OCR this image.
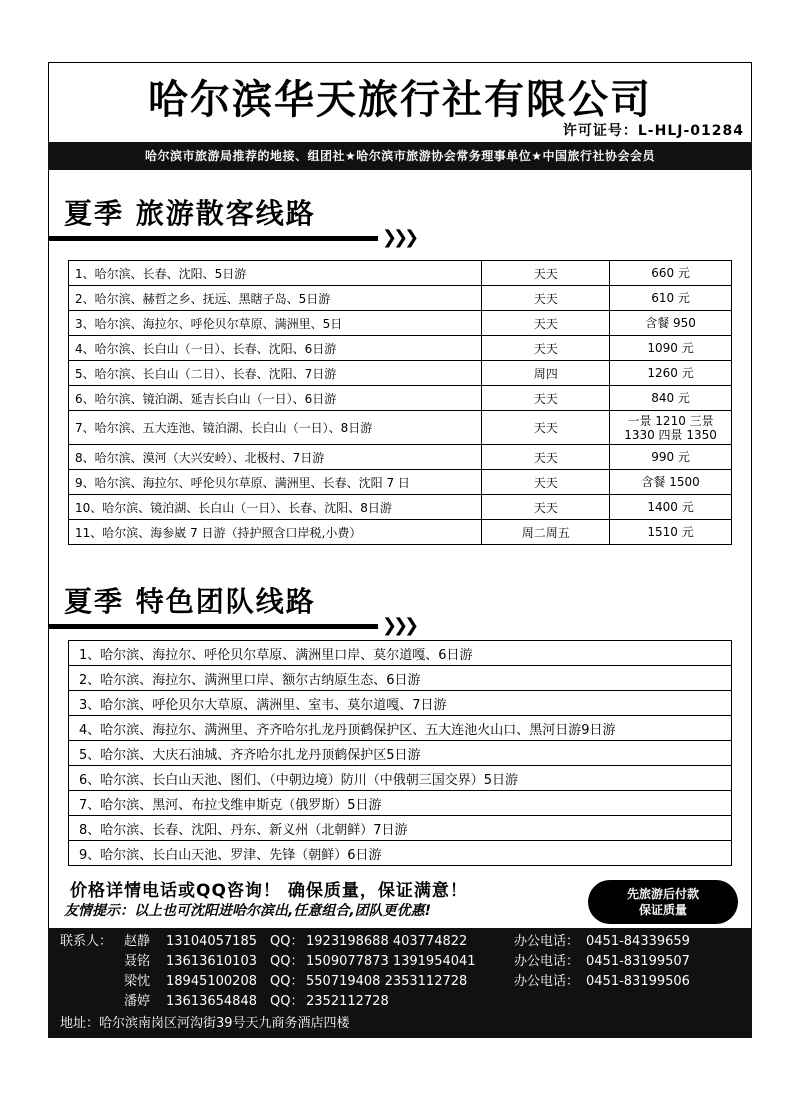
哈尔滨华天旅行社有限公司
许可证号：L-HLJ-01284
哈尔滨市旅游局推荐的地接、组团社★哈尔滨市旅游协会常务理事单位★中国旅行社协会会员
夏季 旅游散客线路
❯❯❯
1、哈尔滨、长春、沈阳、5日游	天天	660 元
2、哈尔滨、赫哲之乡、抚远、黑瞎子岛、5日游	天天	610 元
3、哈尔滨、海拉尔、呼伦贝尔草原、满洲里、5日	天天	含餐 950
4、哈尔滨、长白山（一日）、长春、沈阳、6日游	天天	1090 元
5、哈尔滨、长白山（二日）、长春、沈阳、7日游	周四	1260 元
6、哈尔滨、镜泊湖、延吉长白山（一日）、6日游	天天	840 元
7、哈尔滨、五大连池、镜泊湖、长白山（一日）、8日游	天天	一景 1210 三景 1330 四景 1350
8、哈尔滨、漠河（大兴安岭）、北极村、7日游	天天	990 元
9、哈尔滨、海拉尔、呼伦贝尔草原、满洲里、长春、沈阳 7 日	天天	含餐 1500
10、哈尔滨、镜泊湖、长白山（一日）、长春、沈阳、8日游	天天	1400 元
11、哈尔滨、海参崴 7 日游（持护照含口岸税,小费）	周二周五	1510 元
夏季 特色团队线路
❯❯❯
1、哈尔滨、海拉尔、呼伦贝尔草原、满洲里口岸、莫尔道嘎、6日游
2、哈尔滨、海拉尔、满洲里口岸、额尔古纳原生态、6日游
3、哈尔滨、呼伦贝尔大草原、满洲里、室韦、莫尔道嘎、7日游
4、哈尔滨、海拉尔、满洲里、齐齐哈尔扎龙丹顶鹤保护区、五大连池火山口、黑河日游9日游
5、哈尔滨、大庆石油城、齐齐哈尔扎龙丹顶鹤保护区5日游
6、哈尔滨、长白山天池、图们、（中朝边境）防川（中俄朝三国交界）5日游
7、哈尔滨、黑河、布拉戈维申斯克（俄罗斯）5日游
8、哈尔滨、长春、沈阳、丹东、新义州（北朝鲜）7日游
9、哈尔滨、长白山天池、罗津、先锋（朝鲜）6日游
价格详情电话或QQ咨询！ 确保质量，保证满意！
友情提示：以上也可沈阳进哈尔滨出,任意组合,团队更优惠!
先旅游后付款
保证质量
联系人： 赵静 13104057185 QQ： 1923198688 403774822	办公电话： 0451-84339659
聂铭 13613610103 QQ： 1509077873 1391954041	办公电话： 0451-83199507
梁忱 18945100208 QQ： 550719408 2353112728	办公电话： 0451-83199506
潘婷 13613654848 QQ： 2352112728
地址：哈尔滨南岗区河沟街39号天九商务酒店四楼
